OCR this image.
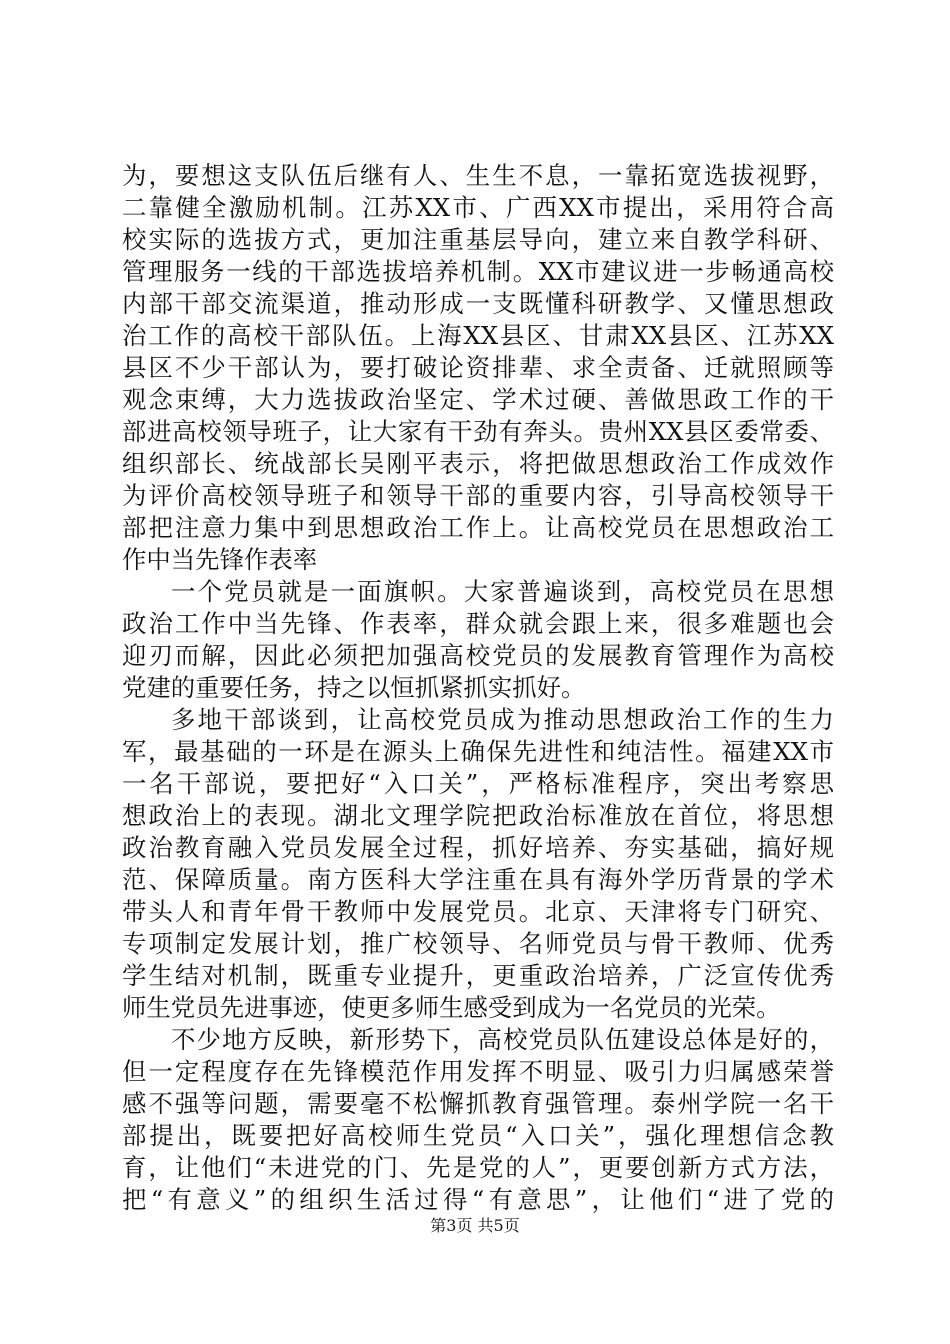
为，要想这支队伍后继有人、生生不息，一靠拓宽选拔视野，
二靠健全激励机制。江苏XX市、广西XX市提出，采用符合高
校实际的选拔方式，更加注重基层导向，建立来自教学科研、
管理服务一线的干部选拔培养机制。XX市建议进一步畅通高校
内部干部交流渠道，推动形成一支既懂科研教学、又懂思想政
治工作的高校干部队伍。上海XX县区、甘肃XX县区、江苏XX
县区不少干部认为，要打破论资排辈、求全责备、迁就照顾等
观念束缚，大力选拔政治坚定、学术过硬、善做思政工作的干
部进高校领导班子，让大家有干劲有奔头。贵州XX县区委常委、
组织部长、统战部长吴刚平表示，将把做思想政治工作成效作
为评价高校领导班子和领导干部的重要内容，引导高校领导干
部把注意力集中到思想政治工作上。让高校党员在思想政治工
作中当先锋作表率
一个党员就是一面旗帜。大家普遍谈到，高校党员在思想
政治工作中当先锋、作表率，群众就会跟上来，很多难题也会
迎刃而解，因此必须把加强高校党员的发展教育管理作为高校
党建的重要任务，持之以恒抓紧抓实抓好。
多地干部谈到，让高校党员成为推动思想政治工作的生力
军，最基础的一环是在源头上确保先进性和纯洁性。福建XX市
一名干部说，要把好“入口关”，严格标准程序，突出考察思
想政治上的表现。湖北文理学院把政治标准放在首位，将思想
政治教育融入党员发展全过程，抓好培养、夯实基础，搞好规
范、保障质量。南方医科大学注重在具有海外学历背景的学术
带头人和青年骨干教师中发展党员。北京、天津将专门研究、
专项制定发展计划，推广校领导、名师党员与骨干教师、优秀
学生结对机制，既重专业提升，更重政治培养，广泛宣传优秀
师生党员先进事迹，使更多师生感受到成为一名党员的光荣。
不少地方反映，新形势下，高校党员队伍建设总体是好的，
但一定程度存在先锋模范作用发挥不明显、吸引力归属感荣誉
感不强等问题，需要毫不松懈抓教育强管理。泰州学院一名干
部提出，既要把好高校师生党员“入口关”，强化理想信念教
育，让他们“未进党的门、先是党的人”，更要创新方式方法，
把“有意义”的组织生活过得“有意思”，让他们“进了党的
第3页 共5页
